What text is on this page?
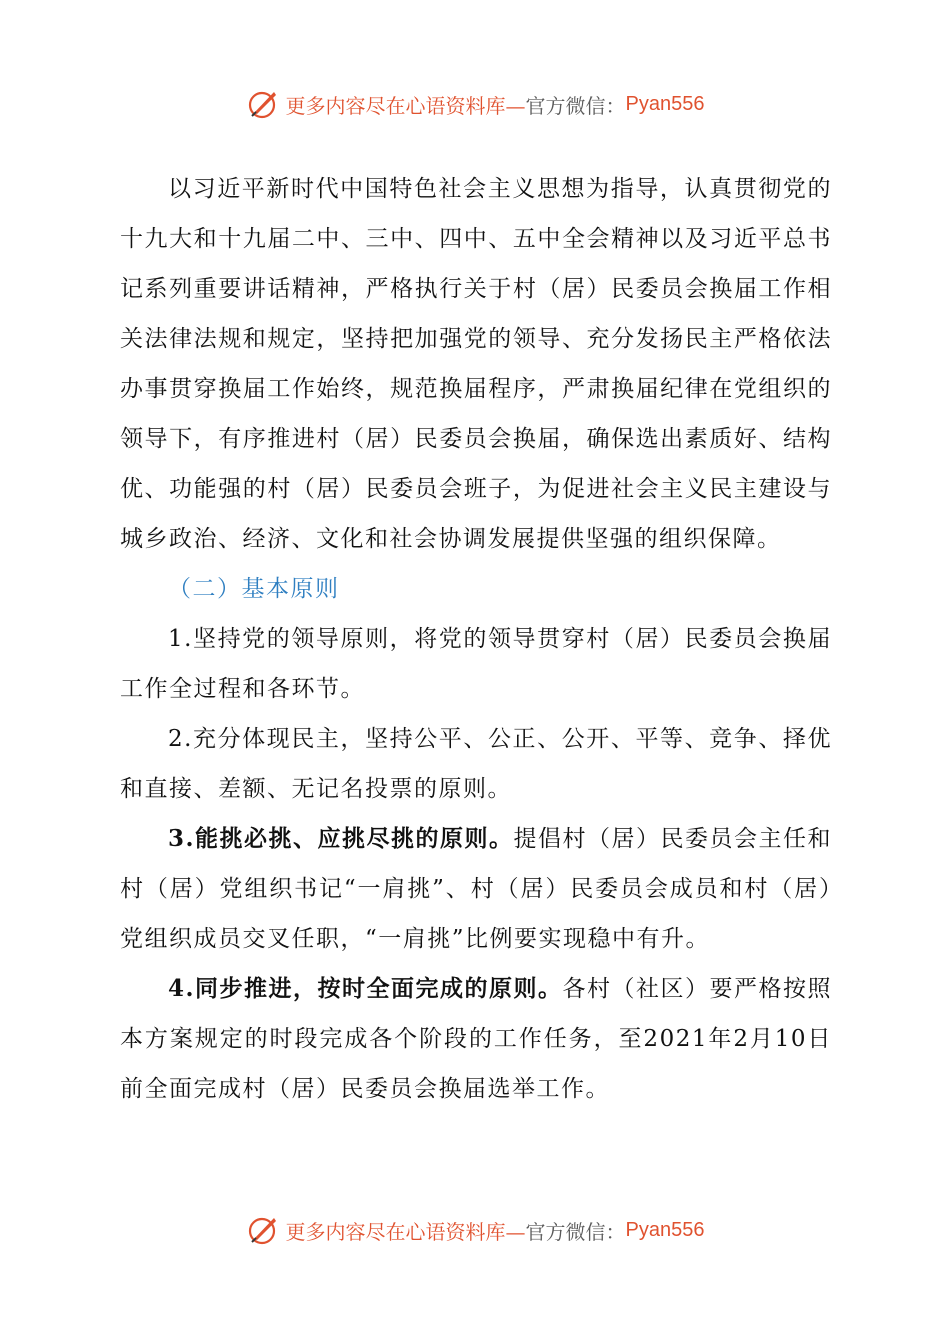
更多内容尽在心语资料库— 官方微信： Pyan556

以习近平新时代中国特色社会主义思想为指导，认真贯彻党的十九大和十九届二中、三中、四中、五中全会精神以及习近平总书记系列重要讲话精神，严格执行关于村（居）民委员会换届工作相关法律法规和规定，坚持把加强党的领导、充分发扬民主严格依法办事贯穿换届工作始终，规范换届程序，严肃换届纪律在党组织的领导下，有序推进村（居）民委员会换届，确保选出素质好、结构优、功能强的村（居）民委员会班子，为促进社会主义民主建设与城乡政治、经济、文化和社会协调发展提供坚强的组织保障。

（二）基本原则

1.坚持党的领导原则，将党的领导贯穿村（居）民委员会换届工作全过程和各环节。

2.充分体现民主，坚持公平、公正、公开、平等、竞争、择优和直接、差额、无记名投票的原则。

3.能挑必挑、应挑尽挑的原则。提倡村（居）民委员会主任和村（居）党组织书记“一肩挑”、村（居）民委员会成员和村（居）党组织成员交叉任职，“一肩挑”比例要实现稳中有升。

4.同步推进，按时全面完成的原则。各村（社区）要严格按照本方案规定的时段完成各个阶段的工作任务，至2021年2月10日前全面完成村（居）民委员会换届选举工作。

更多内容尽在心语资料库— 官方微信： Pyan556
